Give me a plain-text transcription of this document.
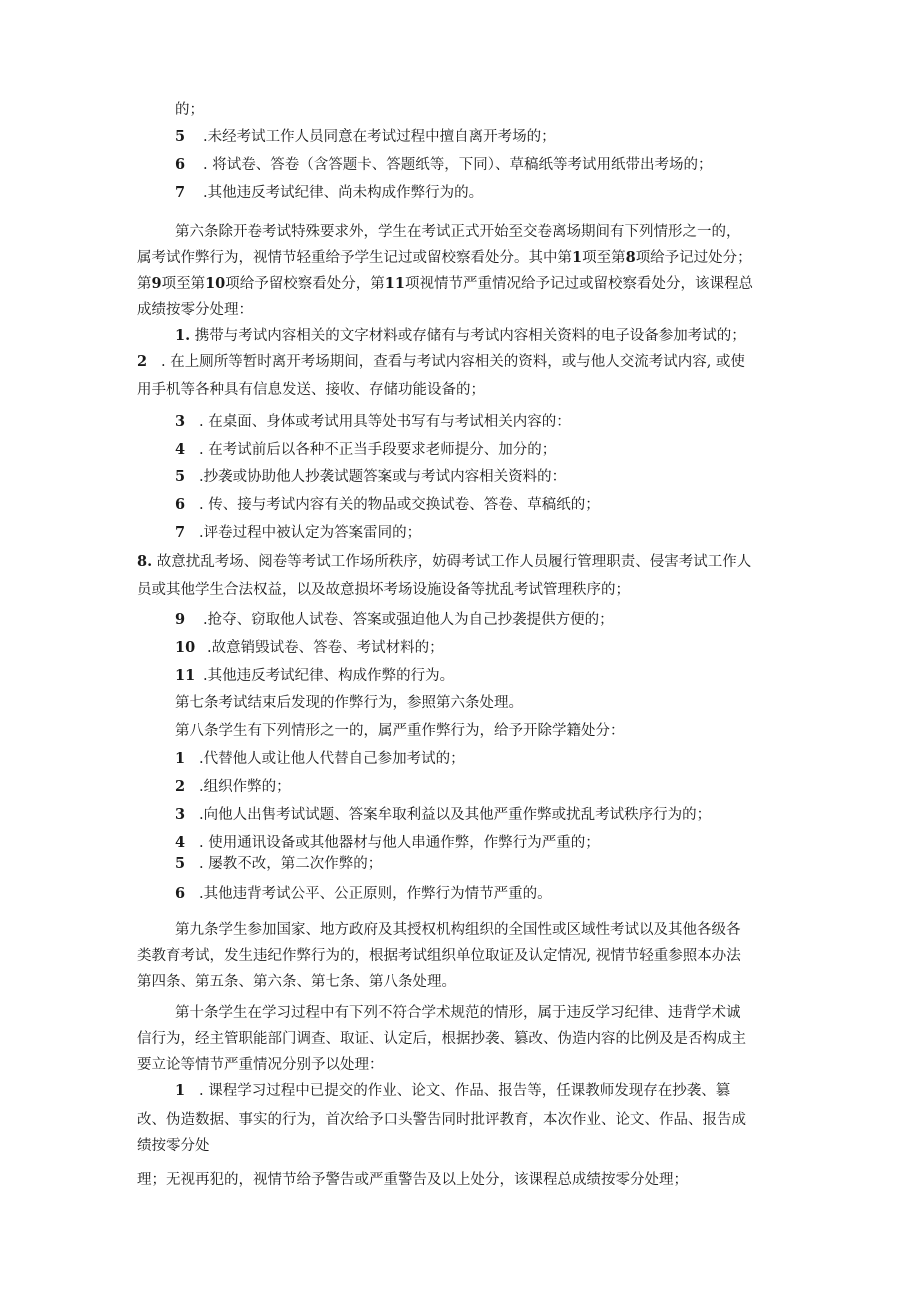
的；
5 .未经考试工作人员同意在考试过程中擅自离开考场的；
6 . 将试卷、答卷（含答题卡、答题纸等，下同）、草稿纸等考试用纸带出考场的；
7 .其他违反考试纪律、尚未构成作弊行为的。
第六条除开卷考试特殊要求外，学生在考试正式开始至交卷离场期间有下列情形之一的，
属考试作弊行为，视情节轻重给予学生记过或留校察看处分。其中第1项至第8项给予记过处分；
第9项至第10项给予留校察看处分，第11项视情节严重情况给予记过或留校察看处分，该课程总
成绩按零分处理：
1. 携带与考试内容相关的文字材料或存储有与考试内容相关资料的电子设备参加考试的；
2 . 在上厕所等暂时离开考场期间，查看与考试内容相关的资料，或与他人交流考试内容, 或使
用手机等各种具有信息发送、接收、存储功能设备的；
3 . 在桌面、身体或考试用具等处书写有与考试相关内容的：
4 . 在考试前后以各种不正当手段要求老师提分、加分的；
5 .抄袭或协助他人抄袭试题答案或与考试内容相关资料的：
6 . 传、接与考试内容有关的物品或交换试卷、答卷、草稿纸的；
7 .评卷过程中被认定为答案雷同的；
8. 故意扰乱考场、阅卷等考试工作场所秩序，妨碍考试工作人员履行管理职责、侵害考试工作人
员或其他学生合法权益，以及故意损坏考场设施设备等扰乱考试管理秩序的；
9 .抢夺、窃取他人试卷、答案或强迫他人为自己抄袭提供方便的；
10 .故意销毁试卷、答卷、考试材料的；
11 .其他违反考试纪律、构成作弊的行为。
第七条考试结束后发现的作弊行为，参照第六条处理。
第八条学生有下列情形之一的，属严重作弊行为，给予开除学籍处分：
1 .代替他人或让他人代替自己参加考试的；
2 .组织作弊的；
3 .向他人出售考试试题、答案牟取利益以及其他严重作弊或扰乱考试秩序行为的；
4 . 使用通讯设备或其他器材与他人串通作弊，作弊行为严重的；
5 . 屡教不改，第二次作弊的；
6 .其他违背考试公平、公正原则，作弊行为情节严重的。
第九条学生参加国家、地方政府及其授权机构组织的全国性或区域性考试以及其他各级各
类教育考试，发生违纪作弊行为的，根据考试组织单位取证及认定情况, 视情节轻重参照本办法
第四条、第五条、第六条、第七条、第八条处理。
第十条学生在学习过程中有下列不符合学术规范的情形，属于违反学习纪律、违背学术诚
信行为，经主管职能部门调查、取证、认定后，根据抄袭、篡改、伪造内容的比例及是否构成主
要立论等情节严重情况分别予以处理：
1 . 课程学习过程中已提交的作业、论文、作品、报告等，任课教师发现存在抄袭、篡
改、伪造数据、事实的行为，首次给予口头警告同时批评教育，本次作业、论文、作品、报告成
绩按零分处
理；无视再犯的，视情节给予警告或严重警告及以上处分，该课程总成绩按零分处理；
